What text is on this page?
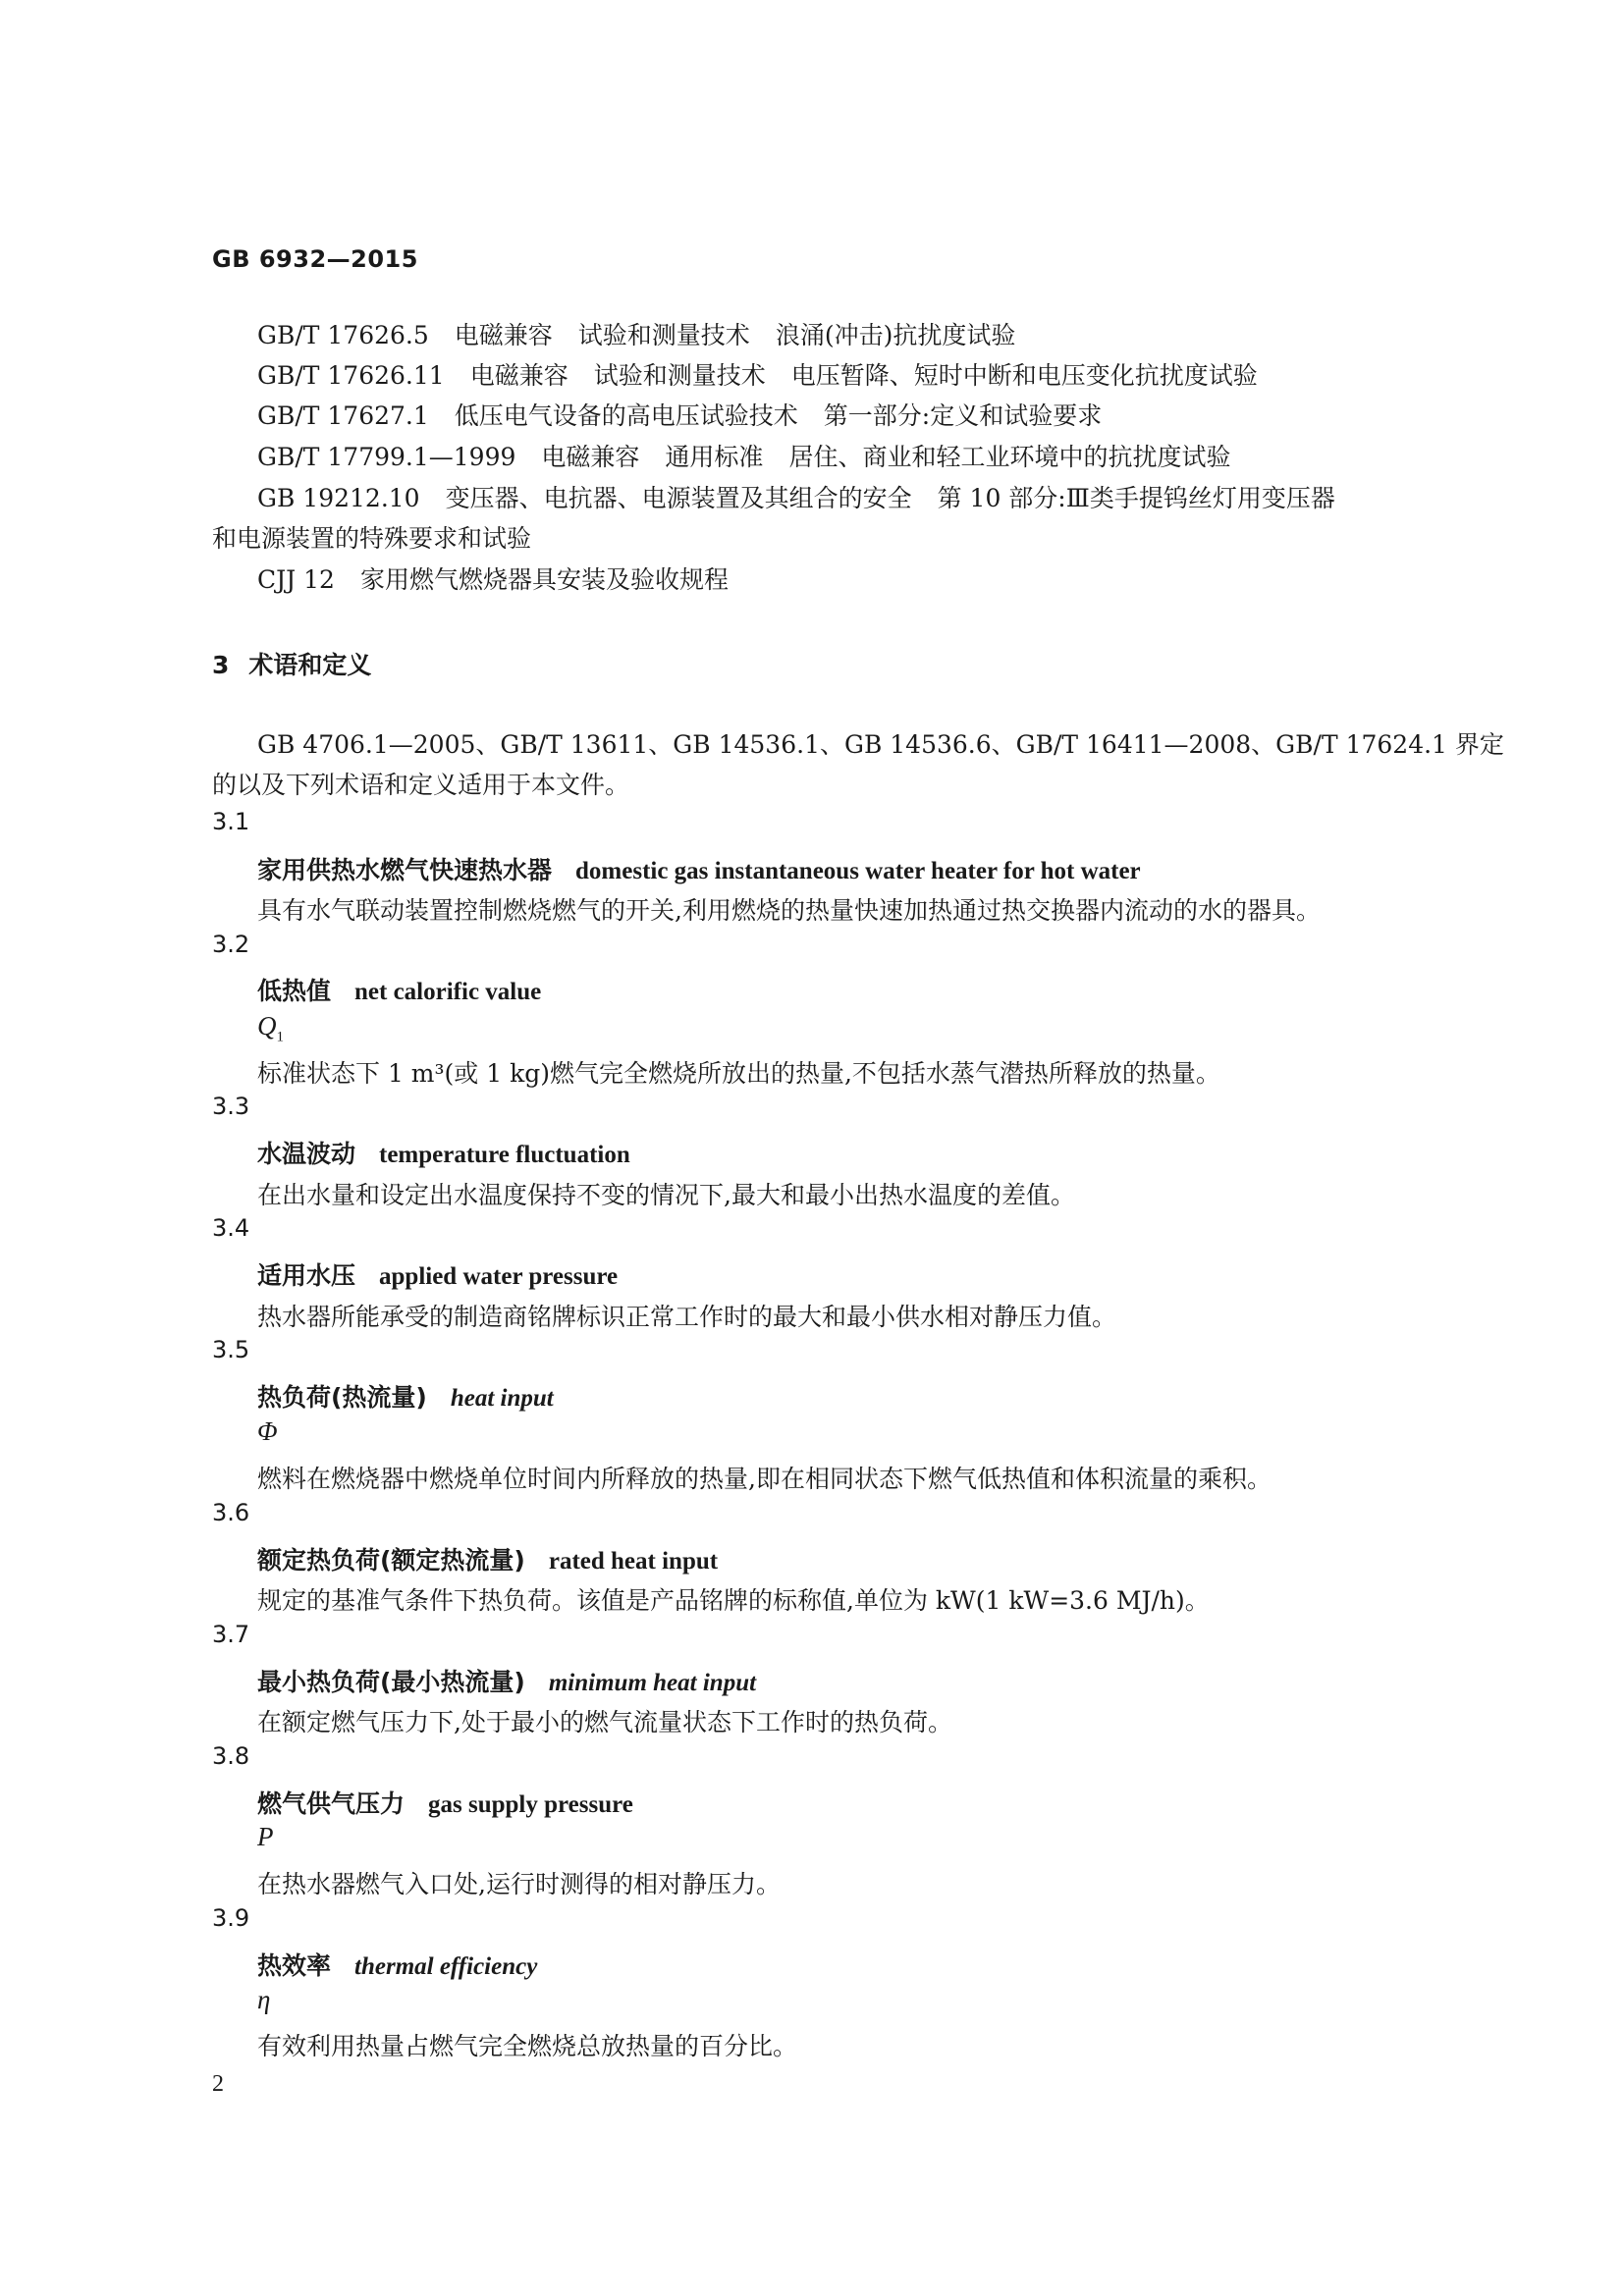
GB 6932—2015
GB/T 17626.5 电磁兼容 试验和测量技术 浪涌(冲击)抗扰度试验
GB/T 17626.11 电磁兼容 试验和测量技术 电压暂降、短时中断和电压变化抗扰度试验
GB/T 17627.1 低压电气设备的高电压试验技术 第一部分:定义和试验要求
GB/T 17799.1—1999 电磁兼容 通用标准 居住、商业和轻工业环境中的抗扰度试验
GB 19212.10 变压器、电抗器、电源装置及其组合的安全 第 10 部分:Ⅲ类手提钨丝灯用变压器
和电源装置的特殊要求和试验
CJJ 12 家用燃气燃烧器具安装及验收规程
3 术语和定义
GB 4706.1—2005、GB/T 13611、GB 14536.1、GB 14536.6、GB/T 16411—2008、GB/T 17624.1 界定
的以及下列术语和定义适用于本文件。
3.1
家用供热水燃气快速热水器 domestic gas instantaneous water heater for hot water
具有水气联动装置控制燃烧燃气的开关,利用燃烧的热量快速加热通过热交换器内流动的水的器具。
3.2
低热值 net calorific value
$Q_1$
标准状态下 1 m³(或 1 kg)燃气完全燃烧所放出的热量,不包括水蒸气潜热所释放的热量。
3.3
水温波动 temperature fluctuation
在出水量和设定出水温度保持不变的情况下,最大和最小出热水温度的差值。
3.4
适用水压 applied water pressure
热水器所能承受的制造商铭牌标识正常工作时的最大和最小供水相对静压力值。
3.5
热负荷(热流量) heat input
Φ
燃料在燃烧器中燃烧单位时间内所释放的热量,即在相同状态下燃气低热值和体积流量的乘积。
3.6
额定热负荷(额定热流量) rated heat input
规定的基准气条件下热负荷。该值是产品铭牌的标称值,单位为 kW(1 kW=3.6 MJ/h)。
3.7
最小热负荷(最小热流量) minimum heat input
在额定燃气压力下,处于最小的燃气流量状态下工作时的热负荷。
3.8
燃气供气压力 gas supply pressure
P
在热水器燃气入口处,运行时测得的相对静压力。
3.9
热效率 thermal efficiency
η
有效利用热量占燃气完全燃烧总放热量的百分比。
2
